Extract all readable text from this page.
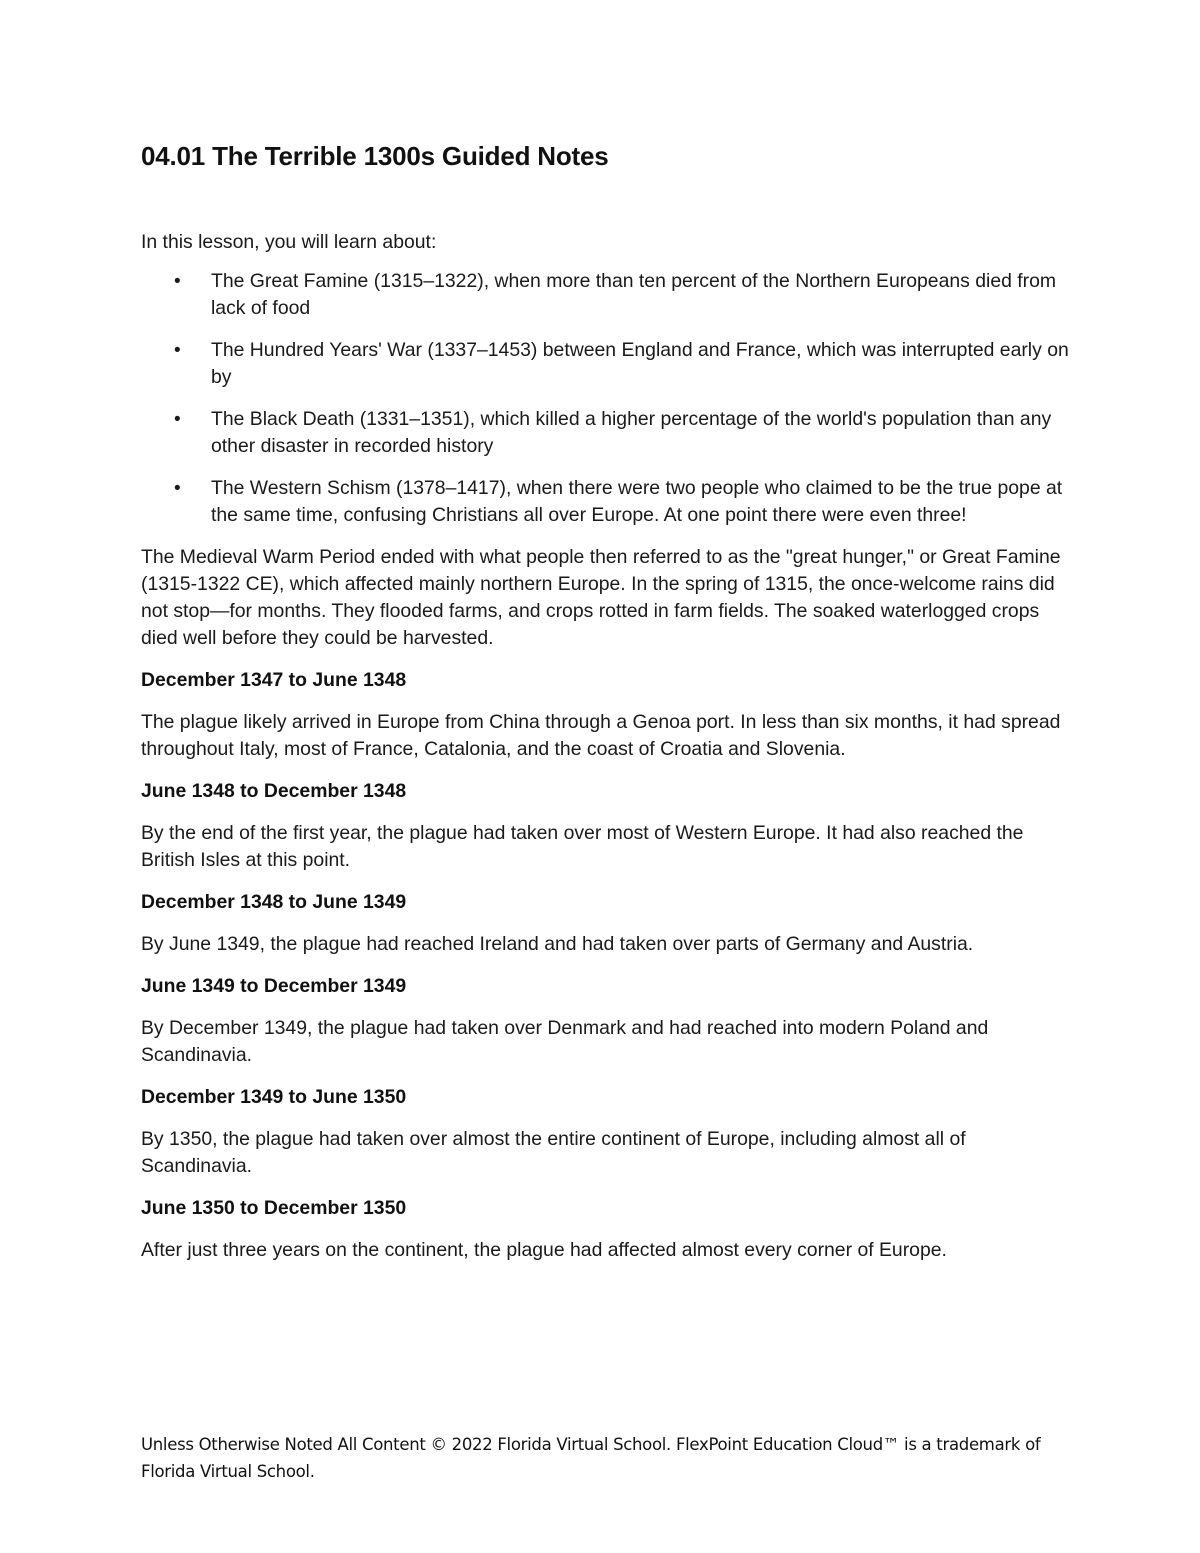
04.01 The Terrible 1300s Guided Notes

In this lesson, you will learn about:

• The Great Famine (1315–1322), when more than ten percent of the Northern Europeans died from lack of food
• The Hundred Years' War (1337–1453) between England and France, which was interrupted early on by
• The Black Death (1331–1351), which killed a higher percentage of the world's population than any other disaster in recorded history
• The Western Schism (1378–1417), when there were two people who claimed to be the true pope at the same time, confusing Christians all over Europe. At one point there were even three!

The Medieval Warm Period ended with what people then referred to as the "great hunger," or Great Famine (1315-1322 CE), which affected mainly northern Europe. In the spring of 1315, the once-welcome rains did not stop—for months. They flooded farms, and crops rotted in farm fields. The soaked waterlogged crops died well before they could be harvested.

December 1347 to June 1348

The plague likely arrived in Europe from China through a Genoa port. In less than six months, it had spread throughout Italy, most of France, Catalonia, and the coast of Croatia and Slovenia.

June 1348 to December 1348

By the end of the first year, the plague had taken over most of Western Europe. It had also reached the British Isles at this point.

December 1348 to June 1349

By June 1349, the plague had reached Ireland and had taken over parts of Germany and Austria.

June 1349 to December 1349

By December 1349, the plague had taken over Denmark and had reached into modern Poland and Scandinavia.

December 1349 to June 1350

By 1350, the plague had taken over almost the entire continent of Europe, including almost all of Scandinavia.

June 1350 to December 1350

After just three years on the continent, the plague had affected almost every corner of Europe.

Unless Otherwise Noted All Content © 2022 Florida Virtual School. FlexPoint Education Cloud™ is a trademark of Florida Virtual School.
